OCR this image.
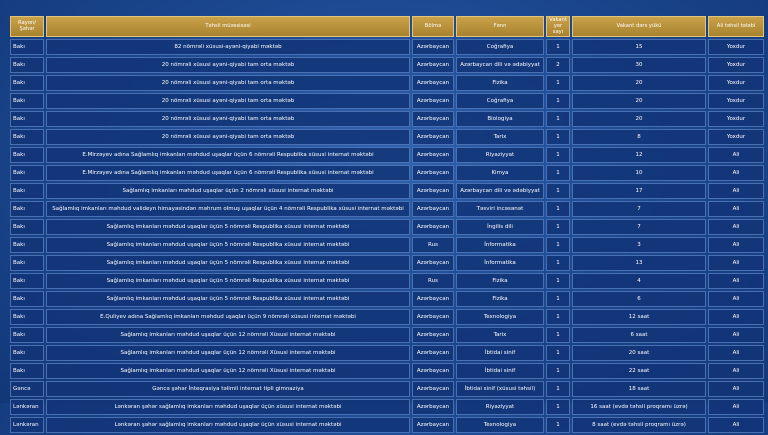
Rayon/Şəhər	Təhsil müəssisəsi	Bölmə	Fənn	Vakant yer sayı	Vakant dərs yükü	Ali təhsil tələbi
Bakı	82 nömrəli xüsusi-ayəni-qiyabi məktəb	Azərbaycan	Coğrafiya	1	15	Yoxdur
Bakı	20 nömrəli xüsusi ayəni-qiyabi tam orta məktəb	Azərbaycan	Azərbaycan dili və ədəbiyyat	2	30	Yoxdur
Bakı	20 nömrəli xüsusi ayəni-qiyabi tam orta məktəb	Azərbaycan	Fizika	1	20	Yoxdur
Bakı	20 nömrəli xüsusi ayəni-qiyabi tam orta məktəb	Azərbaycan	Coğrafiya	1	20	Yoxdur
Bakı	20 nömrəli xüsusi ayəni-qiyabi tam orta məktəb	Azərbaycan	Biologiya	1	20	Yoxdur
Bakı	20 nömrəli xüsusi ayəni-qiyabi tam orta məktəb	Azərbaycan	Tarix	1	8	Yoxdur
Bakı	E.Mirzəyev adına Sağlamlıq imkanları məhdud uşaqlar üçün 6 nömrəli Respublika xüsusi internat məktəbi	Azərbaycan	Riyaziyyat	1	12	Ali
Bakı	E.Mirzəyev adına Sağlamlıq imkanları məhdud uşaqlar üçün 6 nömrəli Respublika xüsusi internat məktəbi	Azərbaycan	Kimya	1	10	Ali
Bakı	Sağlamlıq imkanları məhdud uşaqlar üçün 2 nömrəli xüsusi internat məktəbi	Azərbaycan	Azərbaycan dili və ədəbiyyat	1	17	Ali
Bakı	Sağlamlıq imkanları məhdud valideyn himayəsindən məhrum olmuş uşaqlar üçün 4 nömrəli Respublika xüsusi internat məktəbi	Azərbaycan	Təsviri incəsənət	1	7	Ali
Bakı	Sağlamlıq imkanları məhdud uşaqlar üçün 5 nömrəli Respublika xüsusi internat məktəbi	Azərbaycan	İngilis dili	1	7	Ali
Bakı	Sağlamlıq imkanları məhdud uşaqlar üçün 5 nömrəli Respublika xüsusi internat məktəbi	Rus	İnformatika	1	3	Ali
Bakı	Sağlamlıq imkanları məhdud uşaqlar üçün 5 nömrəli Respublika xüsusi internat məktəbi	Azərbaycan	İnformatika	1	13	Ali
Bakı	Sağlamlıq imkanları məhdud uşaqlar üçün 5 nömrəli Respublika xüsusi internat məktəbi	Rus	Fizika	1	4	Ali
Bakı	Sağlamlıq imkanları məhdud uşaqlar üçün 5 nömrəli Respublika xüsusi internat məktəbi	Azərbaycan	Fizika	1	6	Ali
Bakı	E.Quliyev adına Sağlamlıq imkanları məhdud uşaqlar üçün 9 nömrəli xüsusi internat məktəbi	Azərbaycan	Texnologiya	1	12 saat	Ali
Bakı	Sağlamlıq imkanları məhdud uşaqlar üçün 12 nömrəli Xüsusi internat məktəbi	Azərbaycan	Tarix	1	6 saat	Ali
Bakı	Sağlamlıq imkanları məhdud uşaqlar üçün 12 nömrəli Xüsusi internat məktəbi	Azərbaycan	İbtidai sinif	1	20 saat	Ali
Bakı	Sağlamlıq imkanları məhdud uşaqlar üçün 12 nömrəli Xüsusi internat məktəbi	Azərbaycan	İbtidai sinif	1	22 saat	Ali
Gəncə	Gəncə şəhər İnteqrasiya təlimli internat tipli gimnaziya	Azərbaycan	İbtidai sinif (xüsusi təhsil)	1	18 saat	Ali
Lənkəran	Lənkəran şəhər sağlamlıq imkanları məhdud uşaqlar üçün xüsusi internat məktəbi	Azərbaycan	Riyaziyyat	1	16 saat (evdə təhsil proqramı üzrə)	Ali
Lənkəran	Lənkəran şəhər sağlamlıq imkanları məhdud uşaqlar üçün xüsusi internat məktəbi	Azərbaycan	Texnologiya	1	8 saat (evdə təhsil proqramı üzrə)	Ali
